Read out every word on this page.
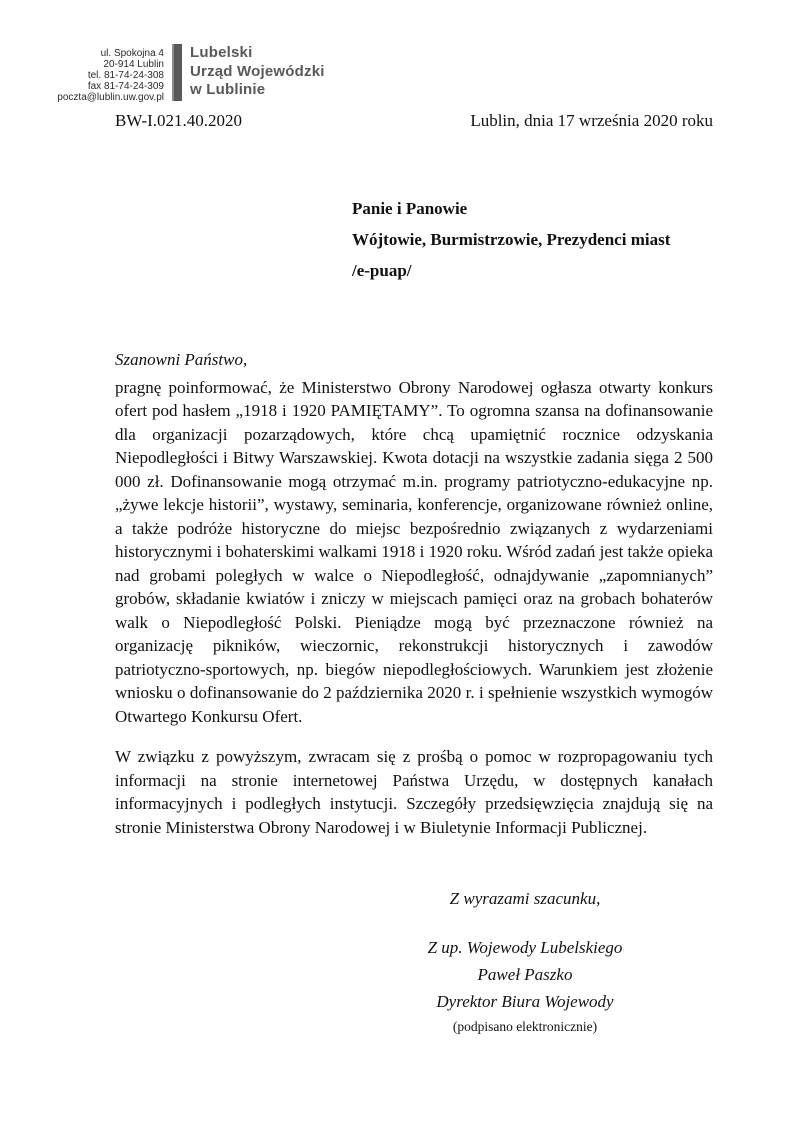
ul. Spokojna 4
20-914 Lublin
tel. 81-74-24-308
fax 81-74-24-309
poczta@lublin.uw.gov.pl
Lubelski
Urząd Wojewódzki
w Lublinie
BW-I.021.40.2020	Lublin, dnia 17 września 2020 roku
Panie i Panowie
Wójtowie, Burmistrzowie, Prezydenci miast
/e-puap/
Szanowni Państwo,

pragnę poinformować, że Ministerstwo Obrony Narodowej ogłasza otwarty konkurs ofert pod hasłem „1918 i 1920 PAMIĘTAMY”. To ogromna szansa na dofinansowanie dla organizacji pozarządowych, które chcą upamiętnić rocznice odzyskania Niepodległości i Bitwy Warszawskiej. Kwota dotacji na wszystkie zadania sięga 2 500 000 zł. Dofinansowanie mogą otrzymać m.in. programy patriotyczno-edukacyjne np. „żywe lekcje historii”, wystawy, seminaria, konferencje, organizowane również online, a także podróże historyczne do miejsc bezpośrednio związanych z wydarzeniami historycznymi i bohaterskimi walkami 1918 i 1920 roku. Wśród zadań jest także opieka nad grobami poległych w walce o Niepodległość, odnajdywanie „zapomnianych” grobów, składanie kwiatów i zniczy w miejscach pamięci oraz na grobach bohaterów walk o Niepodległość Polski. Pieniądze mogą być przeznaczone również na organizację pikników, wieczornic, rekonstrukcji historycznych i zawodów patriotyczno-sportowych, np. biegów niepodległościowych. Warunkiem jest złożenie wniosku o dofinansowanie do 2 października 2020 r. i spełnienie wszystkich wymogów Otwartego Konkursu Ofert.

W związku z powyższym, zwracam się z prośbą o pomoc w rozpropagowaniu tych informacji na stronie internetowej Państwa Urzędu, w dostępnych kanałach informacyjnych i podległych instytucji. Szczegóły przedsięwzięcia znajdują się na stronie Ministerstwa Obrony Narodowej i w Biuletynie Informacji Publicznej.

Z wyrazami szacunku,
Z up. Wojewody Lubelskiego
Paweł Paszko
Dyrektor Biura Wojewody
(podpisano elektronicznie)
